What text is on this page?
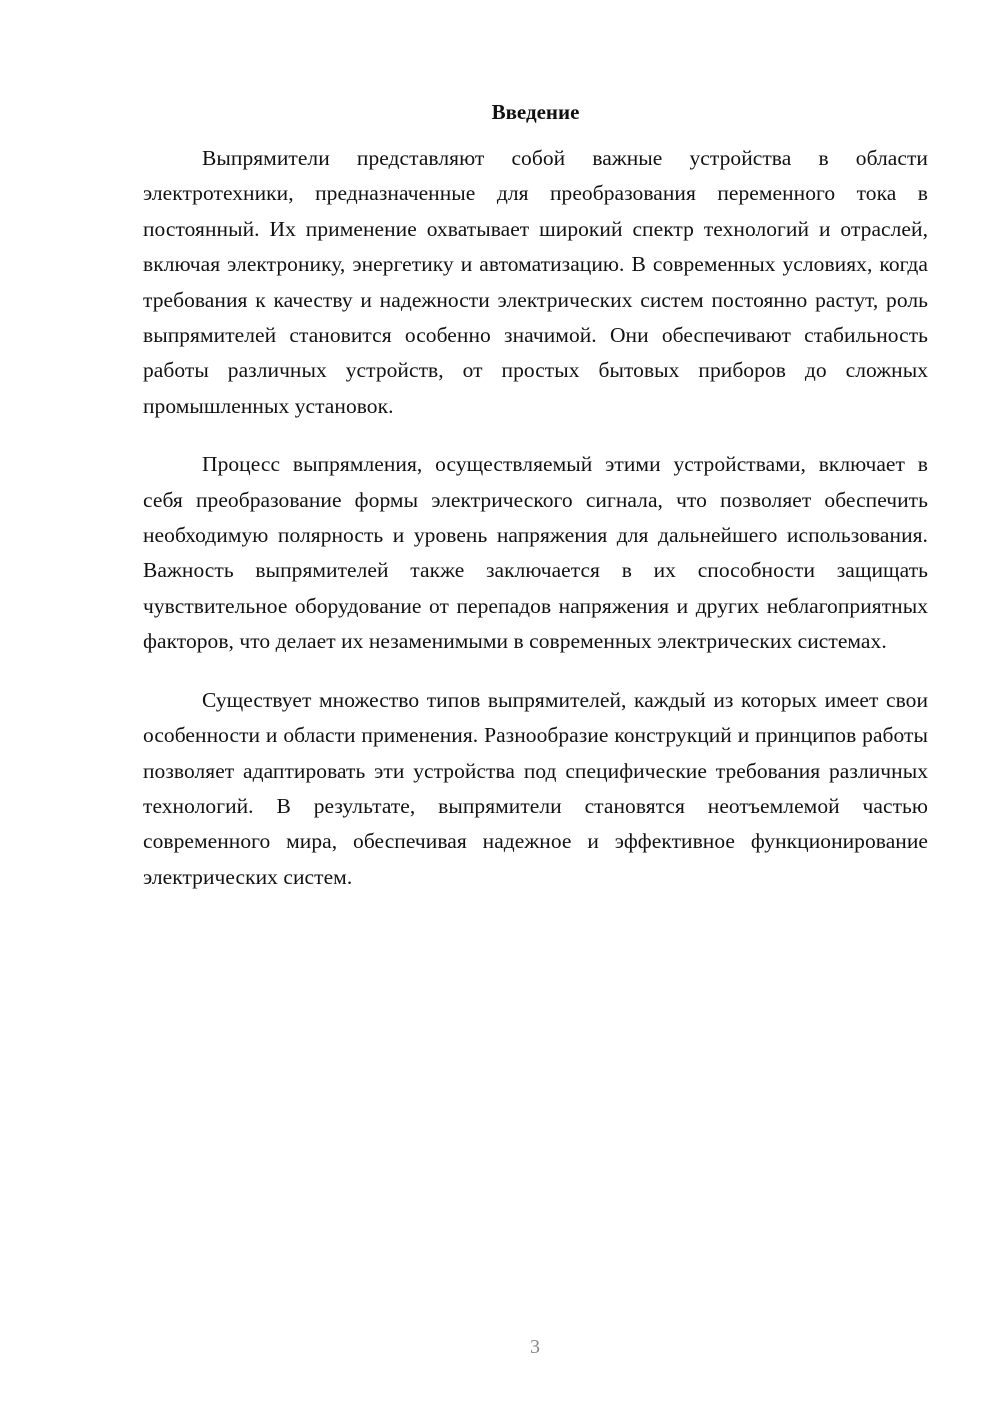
Введение

Выпрямители представляют собой важные устройства в области электротехники, предназначенные для преобразования переменного тока в постоянный. Их применение охватывает широкий спектр технологий и отраслей, включая электронику, энергетику и автоматизацию. В современных условиях, когда требования к качеству и надежности электрических систем постоянно растут, роль выпрямителей становится особенно значимой. Они обеспечивают стабильность работы различных устройств, от простых бытовых приборов до сложных промышленных установок.

Процесс выпрямления, осуществляемый этими устройствами, включает в себя преобразование формы электрического сигнала, что позволяет обеспечить необходимую полярность и уровень напряжения для дальнейшего использования. Важность выпрямителей также заключается в их способности защищать чувствительное оборудование от перепадов напряжения и других неблагоприятных факторов, что делает их незаменимыми в современных электрических системах.

Существует множество типов выпрямителей, каждый из которых имеет свои особенности и области применения. Разнообразие конструкций и принципов работы позволяет адаптировать эти устройства под специфические требования различных технологий. В результате, выпрямители становятся неотъемлемой частью современного мира, обеспечивая надежное и эффективное функционирование электрических систем.

3
